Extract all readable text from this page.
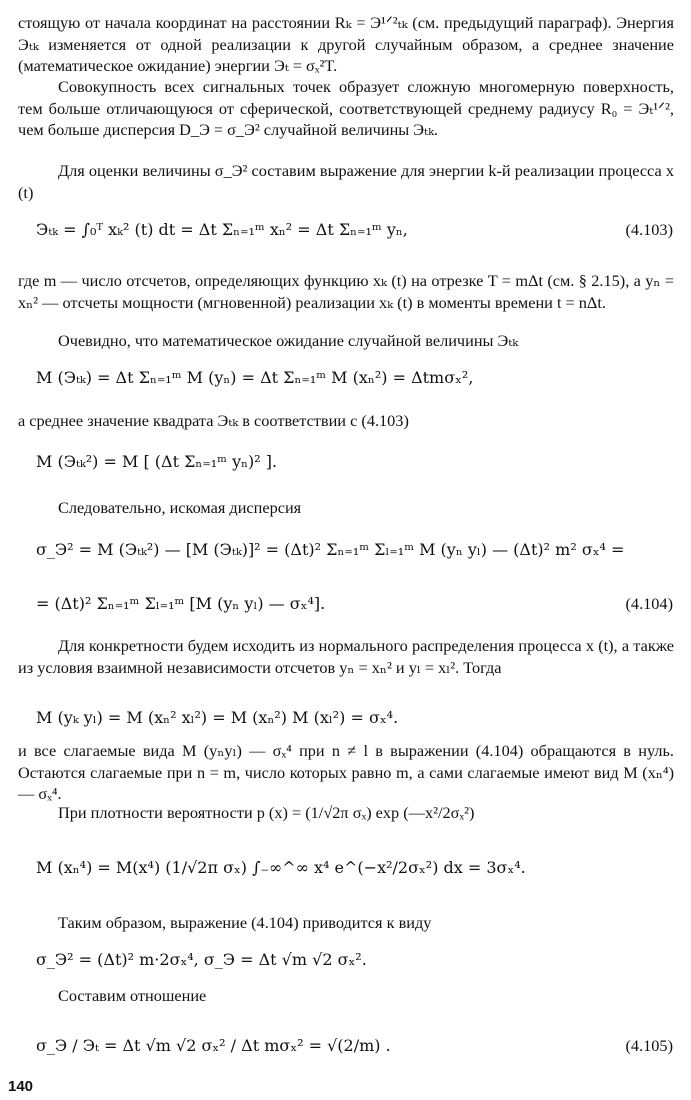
стоящую от начала координат на расстоянии Rₖ = Э¹ᐟ²ₜₖ (см. предыдущий параграф). Энергия Эₜₖ изменяется от одной реализации к другой случайным образом, а среднее значение (математическое ожидание) энергии Эₜ = σₓ²T.

Совокупность всех сигнальных точек образует сложную многомерную поверхность, тем больше отличающуюся от сферической, соответствующей среднему радиусу R₀ = Эₜ¹ᐟ², чем больше дисперсия D_Э = σ_Э² случайной величины Эₜₖ.

Для оценки величины σ_Э² составим выражение для энергии k-й реализации процесса x (t)

Эₜₖ = ∫₀ᵀ xₖ² (t) dt = Δt Σₙ₌₁ᵐ xₙ² = Δt Σₙ₌₁ᵐ yₙ,	(4.103)

где m — число отсчетов, определяющих функцию xₖ (t) на отрезке T = mΔt (см. § 2.15), а yₙ = xₙ² — отсчеты мощности (мгновенной) реализации xₖ (t) в моменты времени t = nΔt.

Очевидно, что математическое ожидание случайной величины Эₜₖ

M (Эₜₖ) = Δt Σₙ₌₁ᵐ M (yₙ) = Δt Σₙ₌₁ᵐ M (xₙ²) = Δtmσₓ²,

а среднее значение квадрата Эₜₖ в соответствии с (4.103)

M (Эₜₖ²) = M [ (Δt Σₙ₌₁ᵐ yₙ)² ].

Следовательно, искомая дисперсия

σ_Э² = M (Эₜₖ²) — [M (Эₜₖ)]² = (Δt)² Σₙ₌₁ᵐ Σₗ₌₁ᵐ M (yₙ yₗ) — (Δt)² m² σₓ⁴ =

= (Δt)² Σₙ₌₁ᵐ Σₗ₌₁ᵐ [M (yₙ yₗ) — σₓ⁴].	(4.104)

Для конкретности будем исходить из нормального распределения процесса x (t), а также из условия взаимной независимости отсчетов yₙ = xₙ² и yₗ = xₗ². Тогда

M (yₖ yₗ) = M (xₙ² xₗ²) = M (xₙ²) M (xₗ²) = σₓ⁴.

и все слагаемые вида M (yₙyₗ) — σₓ⁴ при n ≠ l в выражении (4.104) обращаются в нуль. Остаются слагаемые при n = m, число которых равно m, а сами слагаемые имеют вид M (xₙ⁴) — σₓ⁴.

При плотности вероятности p (x) = (1/√2π σₓ) exp (—x²/2σₓ²)

M (xₙ⁴) = M(x⁴) (1/√2π σₓ) ∫₋∞^∞ x⁴ e^(−x²/2σₓ²) dx = 3σₓ⁴.

Таким образом, выражение (4.104) приводится к виду

σ_Э² = (Δt)² m·2σₓ⁴, σ_Э = Δt √m √2 σₓ².

Составим отношение

σ_Э / Эₜ = Δt √m √2 σₓ² / Δt mσₓ² = √(2/m) .	(4.105)

140
